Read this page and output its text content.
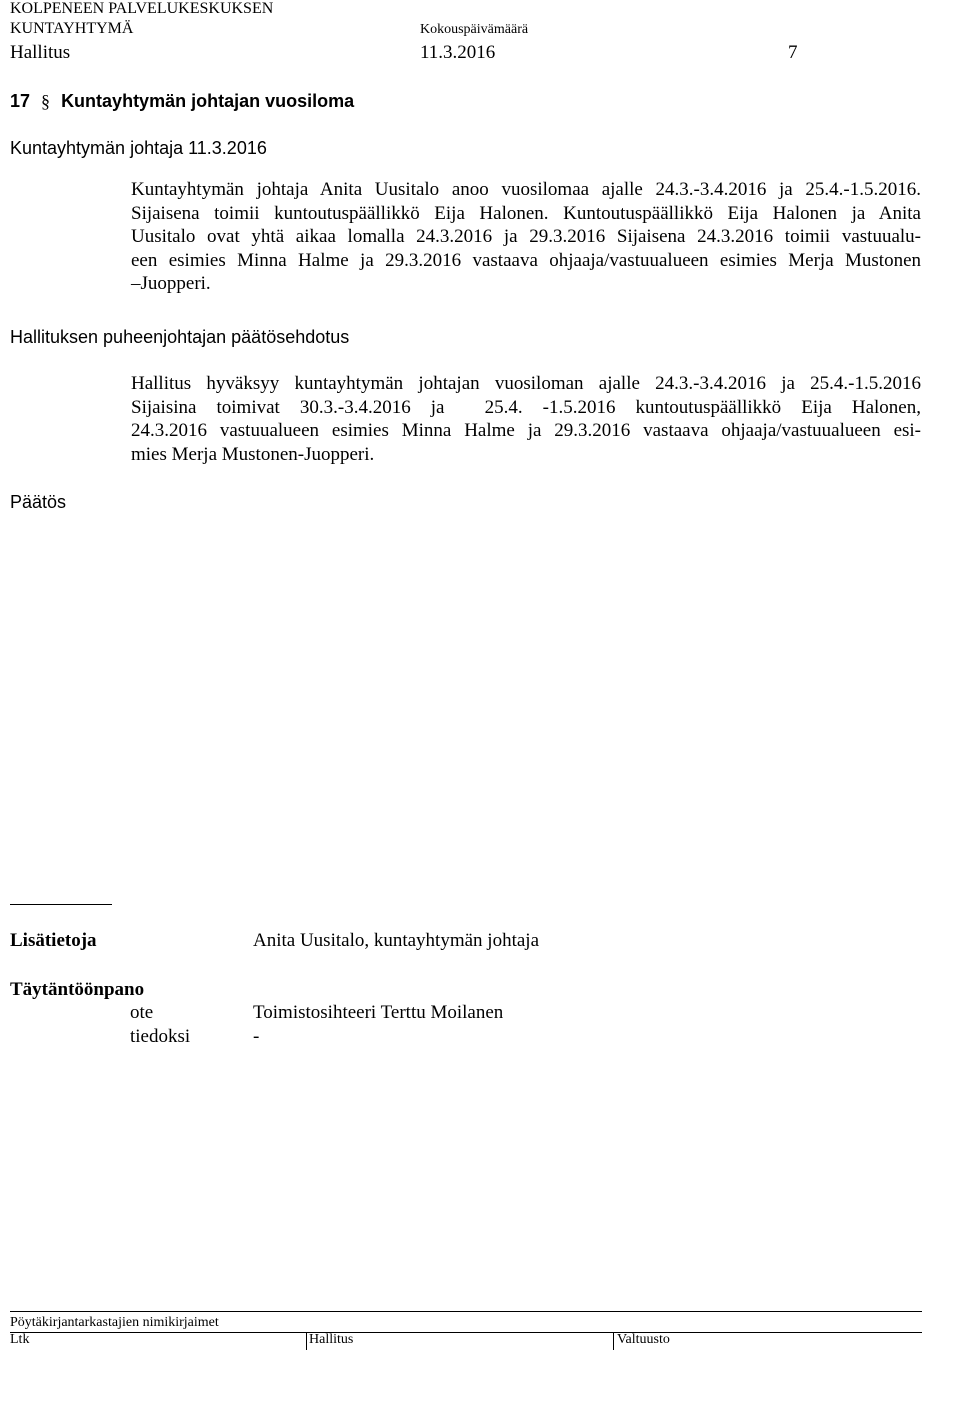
KOLPENEEN PALVELUKESKUKSEN
KUNTAYHTYMÄ	Kokouspäivämäärä
Hallitus	11.3.2016	7
17 § Kuntayhtymän johtajan vuosiloma
Kuntayhtymän johtaja 11.3.2016
Kuntayhtymän johtaja Anita Uusitalo anoo vuosilomaa ajalle 24.3.-3.4.2016 ja 25.4.-1.5.2016.
Sijaisena toimii kuntoutuspäällikkö Eija Halonen. Kuntoutuspäällikkö Eija Halonen ja Anita
Uusitalo ovat yhtä aikaa lomalla 24.3.2016 ja 29.3.2016 Sijaisena 24.3.2016 toimii vastuualu-
een esimies Minna Halme ja 29.3.2016 vastaava ohjaaja/vastuualueen esimies Merja Mustonen
–Juopperi.
Hallituksen puheenjohtajan päätösehdotus
Hallitus hyväksyy kuntayhtymän johtajan vuosiloman ajalle 24.3.-3.4.2016 ja 25.4.-1.5.2016
Sijaisina toimivat 30.3.-3.4.2016 ja  25.4. -1.5.2016 kuntoutuspäällikkö Eija Halonen,
24.3.2016 vastuualueen esimies Minna Halme ja 29.3.2016 vastaava ohjaaja/vastuualueen esi-
mies Merja Mustonen-Juopperi.
Päätös
Lisätietoja	Anita Uusitalo, kuntayhtymän johtaja
Täytäntöönpano
ote	Toimistosihteeri Terttu Moilanen
tiedoksi	-
Pöytäkirjantarkastajien nimikirjaimet
Ltk	Hallitus	Valtuusto
